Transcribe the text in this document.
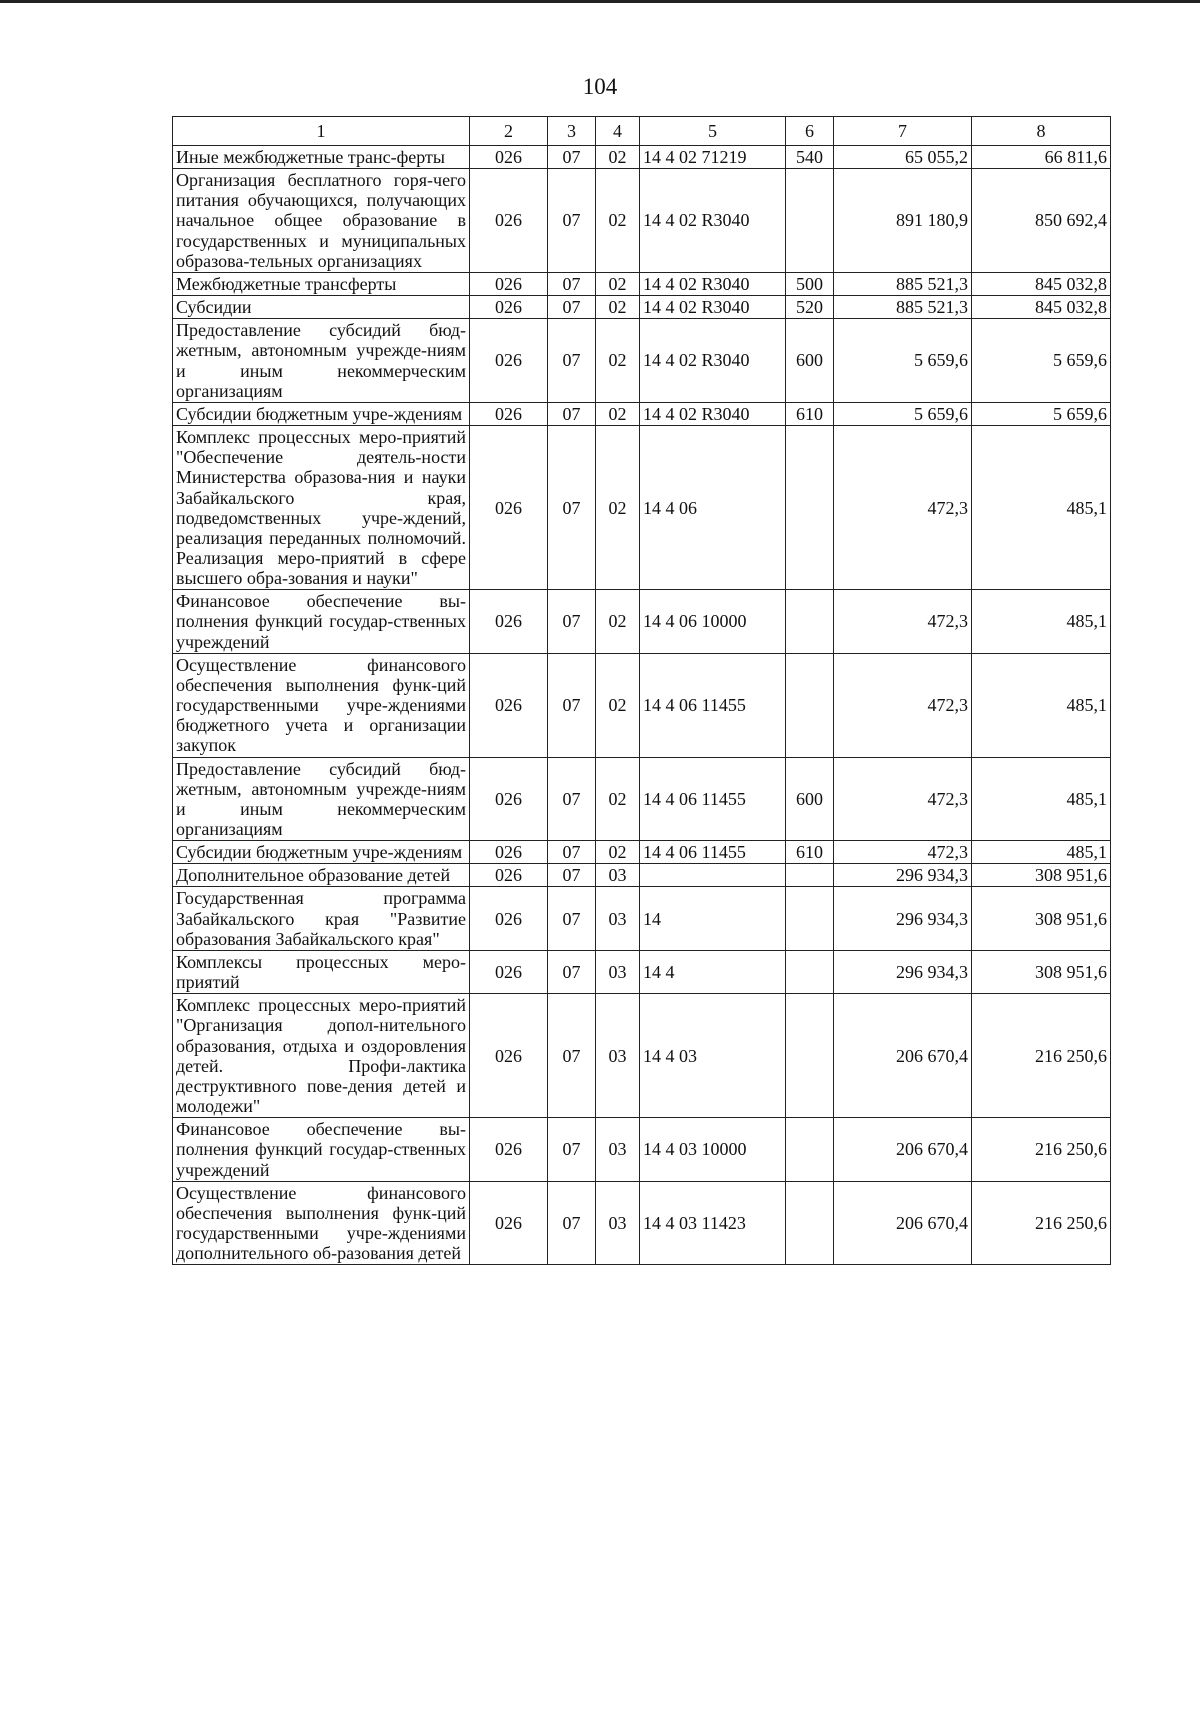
104
1	2	3	4	5	6	7	8
Иные межбюджетные транс-ферты	026	07	02	14 4 02 71219	540	65 055,2	66 811,6
Организация бесплатного горя-чего питания обучающихся, получающих начальное общее образование в государственных и муниципальных образова-тельных организациях	026	07	02	14 4 02 R3040		891 180,9	850 692,4
Межбюджетные трансферты	026	07	02	14 4 02 R3040	500	885 521,3	845 032,8
Субсидии	026	07	02	14 4 02 R3040	520	885 521,3	845 032,8
Предоставление субсидий бюд-жетным, автономным учрежде-ниям и иным некоммерческим организациям	026	07	02	14 4 02 R3040	600	5 659,6	5 659,6
Субсидии бюджетным учре-ждениям	026	07	02	14 4 02 R3040	610	5 659,6	5 659,6
Комплекс процессных меро-приятий "Обеспечение деятель-ности Министерства образова-ния и науки Забайкальского края, подведомственных учре-ждений, реализация переданных полномочий. Реализация меро-приятий в сфере высшего обра-зования и науки"	026	07	02	14 4 06		472,3	485,1
Финансовое обеспечение вы-полнения функций государ-ственных учреждений	026	07	02	14 4 06 10000		472,3	485,1
Осуществление финансового обеспечения выполнения функ-ций государственными учре-ждениями бюджетного учета и организации закупок	026	07	02	14 4 06 11455		472,3	485,1
Предоставление субсидий бюд-жетным, автономным учрежде-ниям и иным некоммерческим организациям	026	07	02	14 4 06 11455	600	472,3	485,1
Субсидии бюджетным учре-ждениям	026	07	02	14 4 06 11455	610	472,3	485,1
Дополнительное образование детей	026	07	03			296 934,3	308 951,6
Государственная программа Забайкальского края "Развитие образования Забайкальского края"	026	07	03	14		296 934,3	308 951,6
Комплексы процессных меро-приятий	026	07	03	14 4		296 934,3	308 951,6
Комплекс процессных меро-приятий "Организация допол-нительного образования, отдыха и оздоровления детей. Профи-лактика деструктивного пове-дения детей и молодежи"	026	07	03	14 4 03		206 670,4	216 250,6
Финансовое обеспечение вы-полнения функций государ-ственных учреждений	026	07	03	14 4 03 10000		206 670,4	216 250,6
Осуществление финансового обеспечения выполнения функ-ций государственными учре-ждениями дополнительного об-разования детей	026	07	03	14 4 03 11423		206 670,4	216 250,6
